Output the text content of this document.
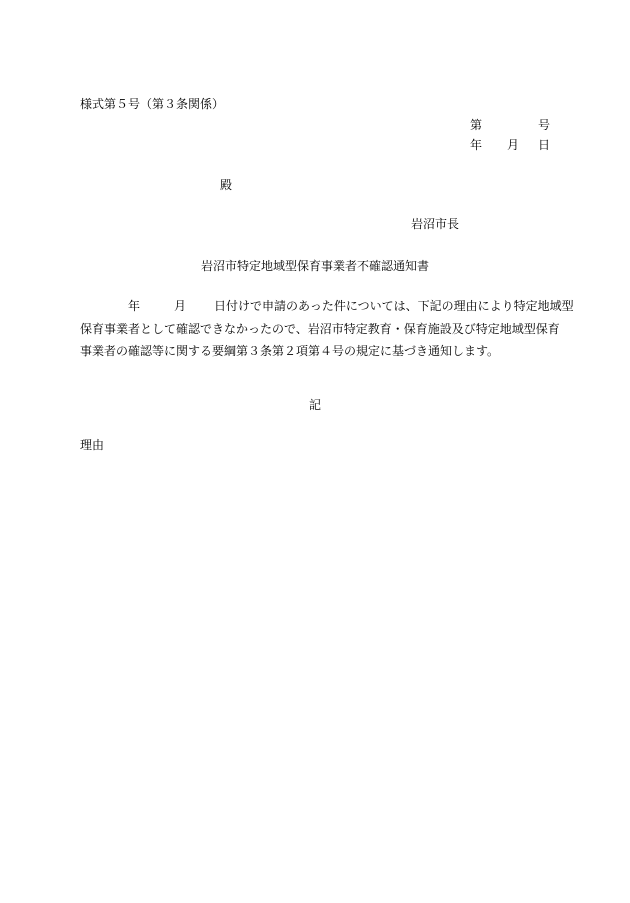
様式第５号（第３条関係）
第	号
年 月 日
殿
岩沼市長
岩沼市特定地域型保育事業者不確認通知書
年	月 日付けで申請のあった件については、下記の理由により特定地域型
保育事業者として確認できなかったので、岩沼市特定教育・保育施設及び特定地域型保育
事業者の確認等に関する要綱第３条第２項第４号の規定に基づき通知します。
記
理由
